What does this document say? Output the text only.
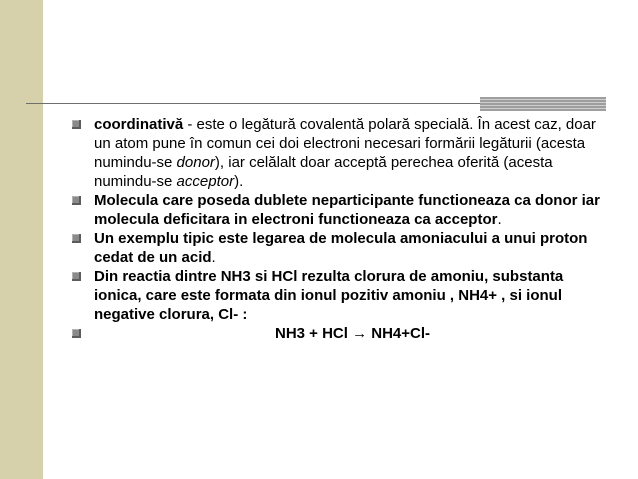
coordinativă - este o legătură covalentă polară specială. În acest caz, doar un atom pune în comun cei doi electroni necesari formării legăturii (acesta numindu-se donor), iar celălalt doar acceptă perechea oferită (acesta numindu-se acceptor).

Molecula care poseda dublete neparticipante functioneaza ca donor iar molecula deficitara in electroni functioneaza ca acceptor.

Un exemplu tipic este legarea de molecula amoniacului a unui proton cedat de un acid.

Din reactia dintre NH3 si HCl rezulta clorura de amoniu, substanta ionica, care este formata din ionul pozitiv amoniu , NH4+ , si ionul negative clorura, Cl- :

NH3 + HCl → NH4+Cl-
